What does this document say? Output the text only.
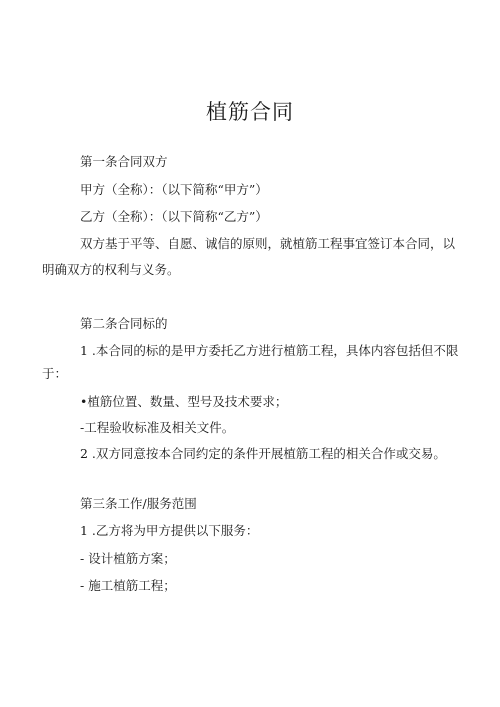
植筋合同

第一条合同双方

甲方（全称）：（以下简称“甲方”）

乙方（全称）：（以下简称“乙方”）

双方基于平等、自愿、诚信的原则，就植筋工程事宜签订本合同，以

明确双方的权利与义务。

第二条合同标的

1 .本合同的标的是甲方委托乙方进行植筋工程，具体内容包括但不限

于：

•植筋位置、数量、型号及技术要求；

-工程验收标准及相关文件。

2 .双方同意按本合同约定的条件开展植筋工程的相关合作或交易。

第三条工作/服务范围

1 .乙方将为甲方提供以下服务：

- 设计植筋方案；

- 施工植筋工程；
